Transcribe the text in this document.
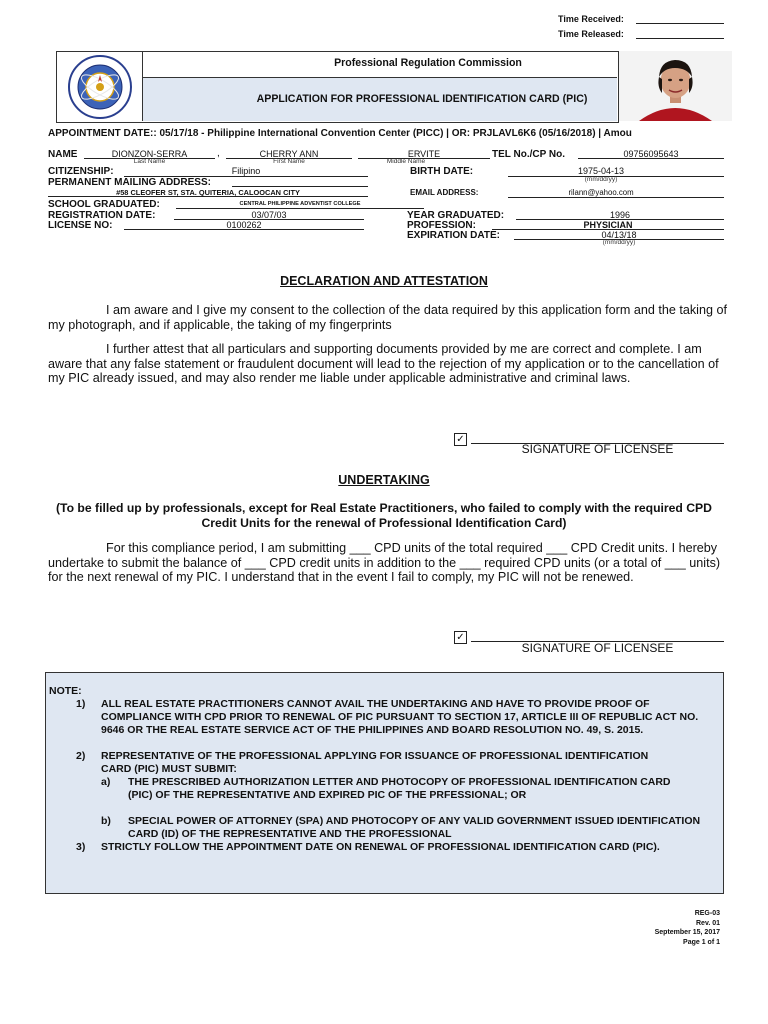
Time Received:
Time Released:
Professional Regulation Commission
APPLICATION FOR PROFESSIONAL IDENTIFICATION CARD (PIC)
APPOINTMENT DATE:: 05/17/18 - Philippine International Convention Center (PICC) | OR: PRJLAVL6K6 (05/16/2018) | Amou
NAME	DIONZON-SERRA
Last Name
,	CHERRY ANN
First Name
ERVITE
Middle Name
TEL No./CP No.	09756095643
CITIZENSHIP:	Filipino	BIRTH DATE:	1975-04-13
(mm/dd/yy)
PERMANENT MAILING ADDRESS:
#58 CLEOFER ST, STA. QUITERIA, CALOOCAN CITY	EMAIL ADDRESS:	rilann@yahoo.com
SCHOOL GRADUATED:	CENTRAL PHILIPPINE ADVENTIST COLLEGE
REGISTRATION DATE:	03/07/03	YEAR GRADUATED:	1996
LICENSE NO:	0100262	PROFESSION:	PHYSICIAN
EXPIRATION DATE:	04/13/18
(mm/dd/yy)
DECLARATION AND ATTESTATION

I am aware and I give my consent to the collection of the data required by this application form and the taking of my photograph, and if applicable, the taking of my fingerprints

I further attest that all particulars and supporting documents provided by me are correct and complete. I am aware that any false statement or fraudulent document will lead to the rejection of my application or to the cancellation of my PIC already issued, and may also render me liable under applicable administrative and criminal laws.

✓
SIGNATURE OF LICENSEE
UNDERTAKING
(To be filled up by professionals, except for Real Estate Practitioners, who failed to comply with the required CPD Credit Units for the renewal of Professional Identification Card)

For this compliance period, I am submitting ___ CPD units of the total required ___ CPD Credit units. I hereby undertake to submit the balance of ___ CPD credit units in addition to the ___ required CPD units (or a total of ___ units) for the next renewal of my PIC. I understand that in the event I fail to comply, my PIC will not be renewed.

✓
SIGNATURE OF LICENSEE
NOTE:
1) ALL REAL ESTATE PRACTITIONERS CANNOT AVAIL THE UNDERTAKING AND HAVE TO PROVIDE PROOF OF COMPLIANCE WITH CPD PRIOR TO RENEWAL OF PIC PURSUANT TO SECTION 17, ARTICLE III OF REPUBLIC ACT NO. 9646 OR THE REAL ESTATE SERVICE ACT OF THE PHILIPPINES AND BOARD RESOLUTION NO. 49, S. 2015.
2) REPRESENTATIVE OF THE PROFESSIONAL APPLYING FOR ISSUANCE OF PROFESSIONAL IDENTIFICATION CARD (PIC) MUST SUBMIT:
a) THE PRESCRIBED AUTHORIZATION LETTER AND PHOTOCOPY OF PROFESSIONAL IDENTIFICATION CARD (PIC) OF THE REPRESENTATIVE AND EXPIRED PIC OF THE PRFESSIONAL; OR
b) SPECIAL POWER OF ATTORNEY (SPA) AND PHOTOCOPY OF ANY VALID GOVERNMENT ISSUED IDENTIFICATION CARD (ID) OF THE REPRESENTATIVE AND THE PROFESSIONAL
3) STRICTLY FOLLOW THE APPOINTMENT DATE ON RENEWAL OF PROFESSIONAL IDENTIFICATION CARD (PIC).
REG-03
Rev. 01
September 15, 2017
Page 1 of 1
